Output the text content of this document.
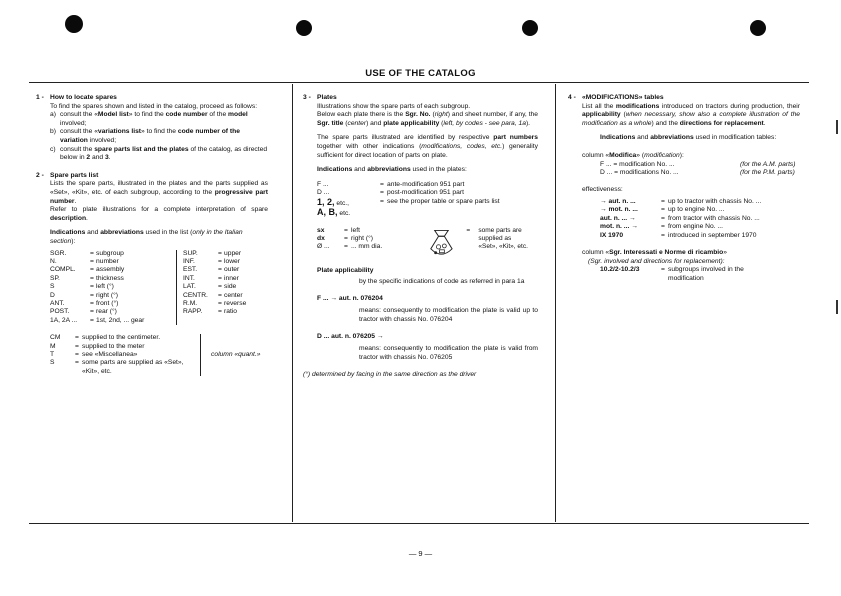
USE OF THE CATALOG
1 - How to locate spares

To find the spares shown and listed in the catalog, proceed as follows:

a) consult the «Model list» to find the code number of the model involved;

b) consult the «variations list» to find the code number of the variation involved;

c) consult the spare parts list and the plates of the catalog, as directed below in 2 and 3.

2 - Spare parts list

Lists the spare parts, illustrated in the plates and the parts supplied as «Set», «Kit», etc. of each subgroup, according to the progressive part number.

Refer to plate illustrations for a complete interpretation of spare description.

Indications and abbreviations used in the list (only in the Italian section):

SGR.	=	subgroup	SUP.	=	upper
N.	=	number	INF.	=	lower
COMPL.	=	assembly	EST.	=	outer
SP.	=	thickness	INT.	=	inner
S	=	left (°)	LAT.	=	side
D	=	right (°)	CENTR.	=	center
ANT.	=	front (°)	R.M.	=	reverse
POST.	=	rear (°)	RAPP.	=	ratio
1A, 2A ...	=	1st, 2nd, ... gear			
CM	=	supplied to the centimeter.	column «quant.»
M	=	supplied to the meter	
T	=	see «Miscellanea»	
S	=	some parts are supplied as «Set», «Kit», etc.	
3 - Plates

Illustrations show the spare parts of each subgroup.

Below each plate there is the Sgr. No. (right) and sheet number, if any, the Sgr. title (center) and plate applicability (left, by codes - see para, 1a).

The spare parts illustrated are identified by respective part numbers together with other indications (modifications, codes, etc.) generality sufficient for direct location of parts on plate.

Indications and abbreviations used in the plates:

F ...	=	ante-modification 951 part
D ...	=	post-modification 951 part
1, 2, etc.,
A, B, etc.	=	see the proper table or spare parts list
sx	=	left
dx	=	right (°)
Ø ...	=	... mm dia.
=	some parts are
supplied as
«Set», «Kit», etc.
Plate applicability

by the specific indications of code as referred in para 1a

F ... → aut. n. 076204

means: consequently to modification the plate is valid up to tractor with chassis No. 076204

D ... aut. n. 076205 →

means: consequently to modification the plate is valid from tractor with chassis No. 076205

(°) determined by facing in the same direction as the driver

4 - «MODIFICATIONS» tables

List all the modifications introduced on tractors during production, their applicability (when necessary, show also a complete illustration of the modification as a whole) and the directions for replacement.

Indications and abbreviations used in modification tables:

column «Modifica» (modification):

F ... = modification No. ...	(for the A.M. parts)
D ... = modifications No. ...	(for the P.M. parts)

effectiveness:

→ aut. n. ...	=	up to tractor with chassis No. ...
→ mot. n. ...	=	up to engine No. ...
aut. n. ... →	=	from tractor with chassis No. ...
mot. n. ... →	=	from engine No. ...
IX 1970	=	introduced in september 1970

column «Sgr. Interessati e Norme di ricambio»

(Sgr. involved and directions for replacement):

10.2/2-10.2/3	=	subgroups involved in the modification
— 9 —
